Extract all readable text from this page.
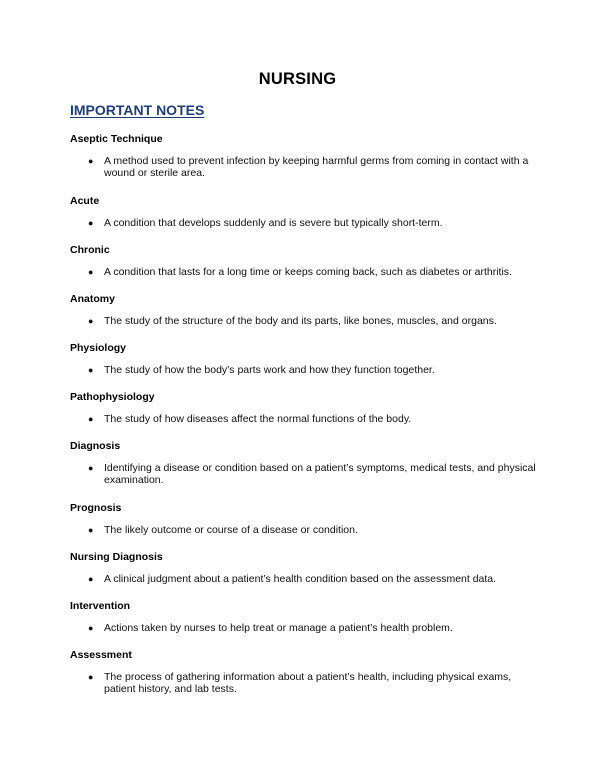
NURSING
IMPORTANT NOTES
Aseptic Technique
● A method used to prevent infection by keeping harmful germs from coming in contact with a wound or sterile area.
Acute
● A condition that develops suddenly and is severe but typically short-term.
Chronic
● A condition that lasts for a long time or keeps coming back, such as diabetes or arthritis.
Anatomy
● The study of the structure of the body and its parts, like bones, muscles, and organs.
Physiology
● The study of how the body’s parts work and how they function together.
Pathophysiology
● The study of how diseases affect the normal functions of the body.
Diagnosis
● Identifying a disease or condition based on a patient’s symptoms, medical tests, and physical examination.
Prognosis
● The likely outcome or course of a disease or condition.
Nursing Diagnosis
● A clinical judgment about a patient’s health condition based on the assessment data.
Intervention
● Actions taken by nurses to help treat or manage a patient’s health problem.
Assessment
● The process of gathering information about a patient’s health, including physical exams, patient history, and lab tests.
